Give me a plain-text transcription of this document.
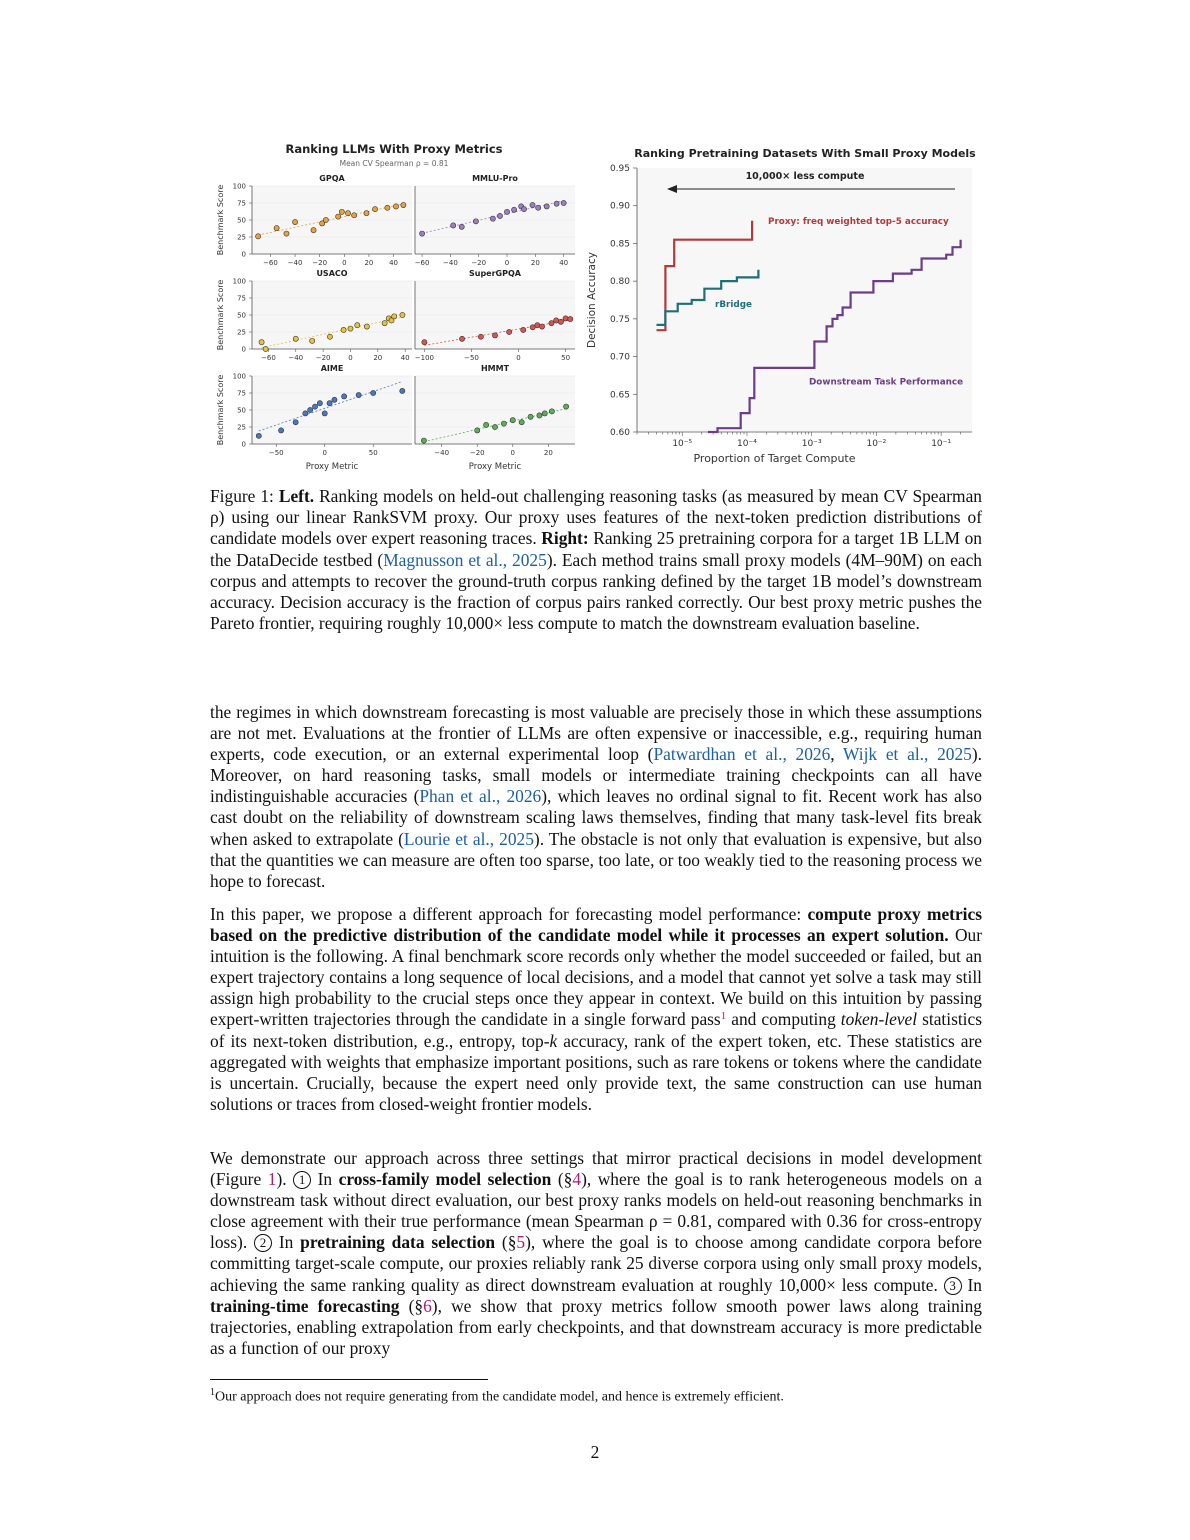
Ranking LLMs With Proxy Metrics
Mean CV Spearman ρ = 0.81
GPQA
0
25
50
75
100
Benchmark Score
−60 −40 −20 0	20 40
MMLU-Pro
−60 −40 −20	0	20	40
USACO
0
25
50
75
100
Benchmark Score
−60 −40 −20	0	20	40
SuperGPQA
−100	−50	0	50
AIME
0
25
50
75
100
Benchmark Score
−50	0	50
Proxy Metric
HMMT
−40	−20	0	20
Proxy Metric
Ranking Pretraining Datasets With Small Proxy Models
0.95
0.90
0.85
0.80
0.75
0.70
0.65
0.60
Decision Accuracy
10⁻⁵	10⁻⁴	10⁻³	10⁻²	10⁻¹
Proportion of Target Compute
10,000× less compute
Proxy: freq weighted top-5 accuracy
rBridge
Downstream Task Performance
Figure 1: Left. Ranking models on held-out challenging reasoning tasks (as measured by mean CV Spearman ρ) using our linear RankSVM proxy. Our proxy uses features of the next-token prediction distributions of candidate models over expert reasoning traces. Right: Ranking 25 pretraining corpora for a target 1B LLM on the DataDecide testbed (Magnusson et al., 2025). Each method trains small proxy models (4M–90M) on each corpus and attempts to recover the ground-truth corpus ranking defined by the target 1B model’s downstream accuracy. Decision accuracy is the fraction of corpus pairs ranked correctly. Our best proxy metric pushes the Pareto frontier, requiring roughly 10,000× less compute to match the downstream evaluation baseline.

the regimes in which downstream forecasting is most valuable are precisely those in which these assumptions are not met. Evaluations at the frontier of LLMs are often expensive or inaccessible, e.g., requiring human experts, code execution, or an external experimental loop (Patwardhan et al., 2026, Wijk et al., 2025). Moreover, on hard reasoning tasks, small models or intermediate training checkpoints can all have indistinguishable accuracies (Phan et al., 2026), which leaves no ordinal signal to fit. Recent work has also cast doubt on the reliability of downstream scaling laws themselves, finding that many task-level fits break when asked to extrapolate (Lourie et al., 2025). The obstacle is not only that evaluation is expensive, but also that the quantities we can measure are often too sparse, too late, or too weakly tied to the reasoning process we hope to forecast.

In this paper, we propose a different approach for forecasting model performance: compute proxy metrics based on the predictive distribution of the candidate model while it processes an expert solution. Our intuition is the following. A final benchmark score records only whether the model succeeded or failed, but an expert trajectory contains a long sequence of local decisions, and a model that cannot yet solve a task may still assign high probability to the crucial steps once they appear in context. We build on this intuition by passing expert-written trajectories through the candidate in a single forward pass$^1$ and computing token-level statistics of its next-token distribution, e.g., entropy, top-k accuracy, rank of the expert token, etc. These statistics are aggregated with weights that emphasize important positions, such as rare tokens or tokens where the candidate is uncertain. Crucially, because the expert need only provide text, the same construction can use human solutions or traces from closed-weight frontier models.

We demonstrate our approach across three settings that mirror practical decisions in model development (Figure 1). 1 In cross-family model selection (§4), where the goal is to rank heterogeneous models on a downstream task without direct evaluation, our best proxy ranks models on held-out reasoning benchmarks in close agreement with their true performance (mean Spearman ρ = 0.81, compared with 0.36 for cross-entropy loss). 2 In pretraining data selection (§5), where the goal is to choose among candidate corpora before committing target-scale compute, our proxies reliably rank 25 diverse corpora using only small proxy models, achieving the same ranking quality as direct downstream evaluation at roughly 10,000× less compute. 3 In training-time forecasting (§6), we show that proxy metrics follow smooth power laws along training trajectories, enabling extrapolation from early checkpoints, and that downstream accuracy is more predictable as a function of our proxy

$^1$Our approach does not require generating from the candidate model, and hence is extremely efficient.
2
